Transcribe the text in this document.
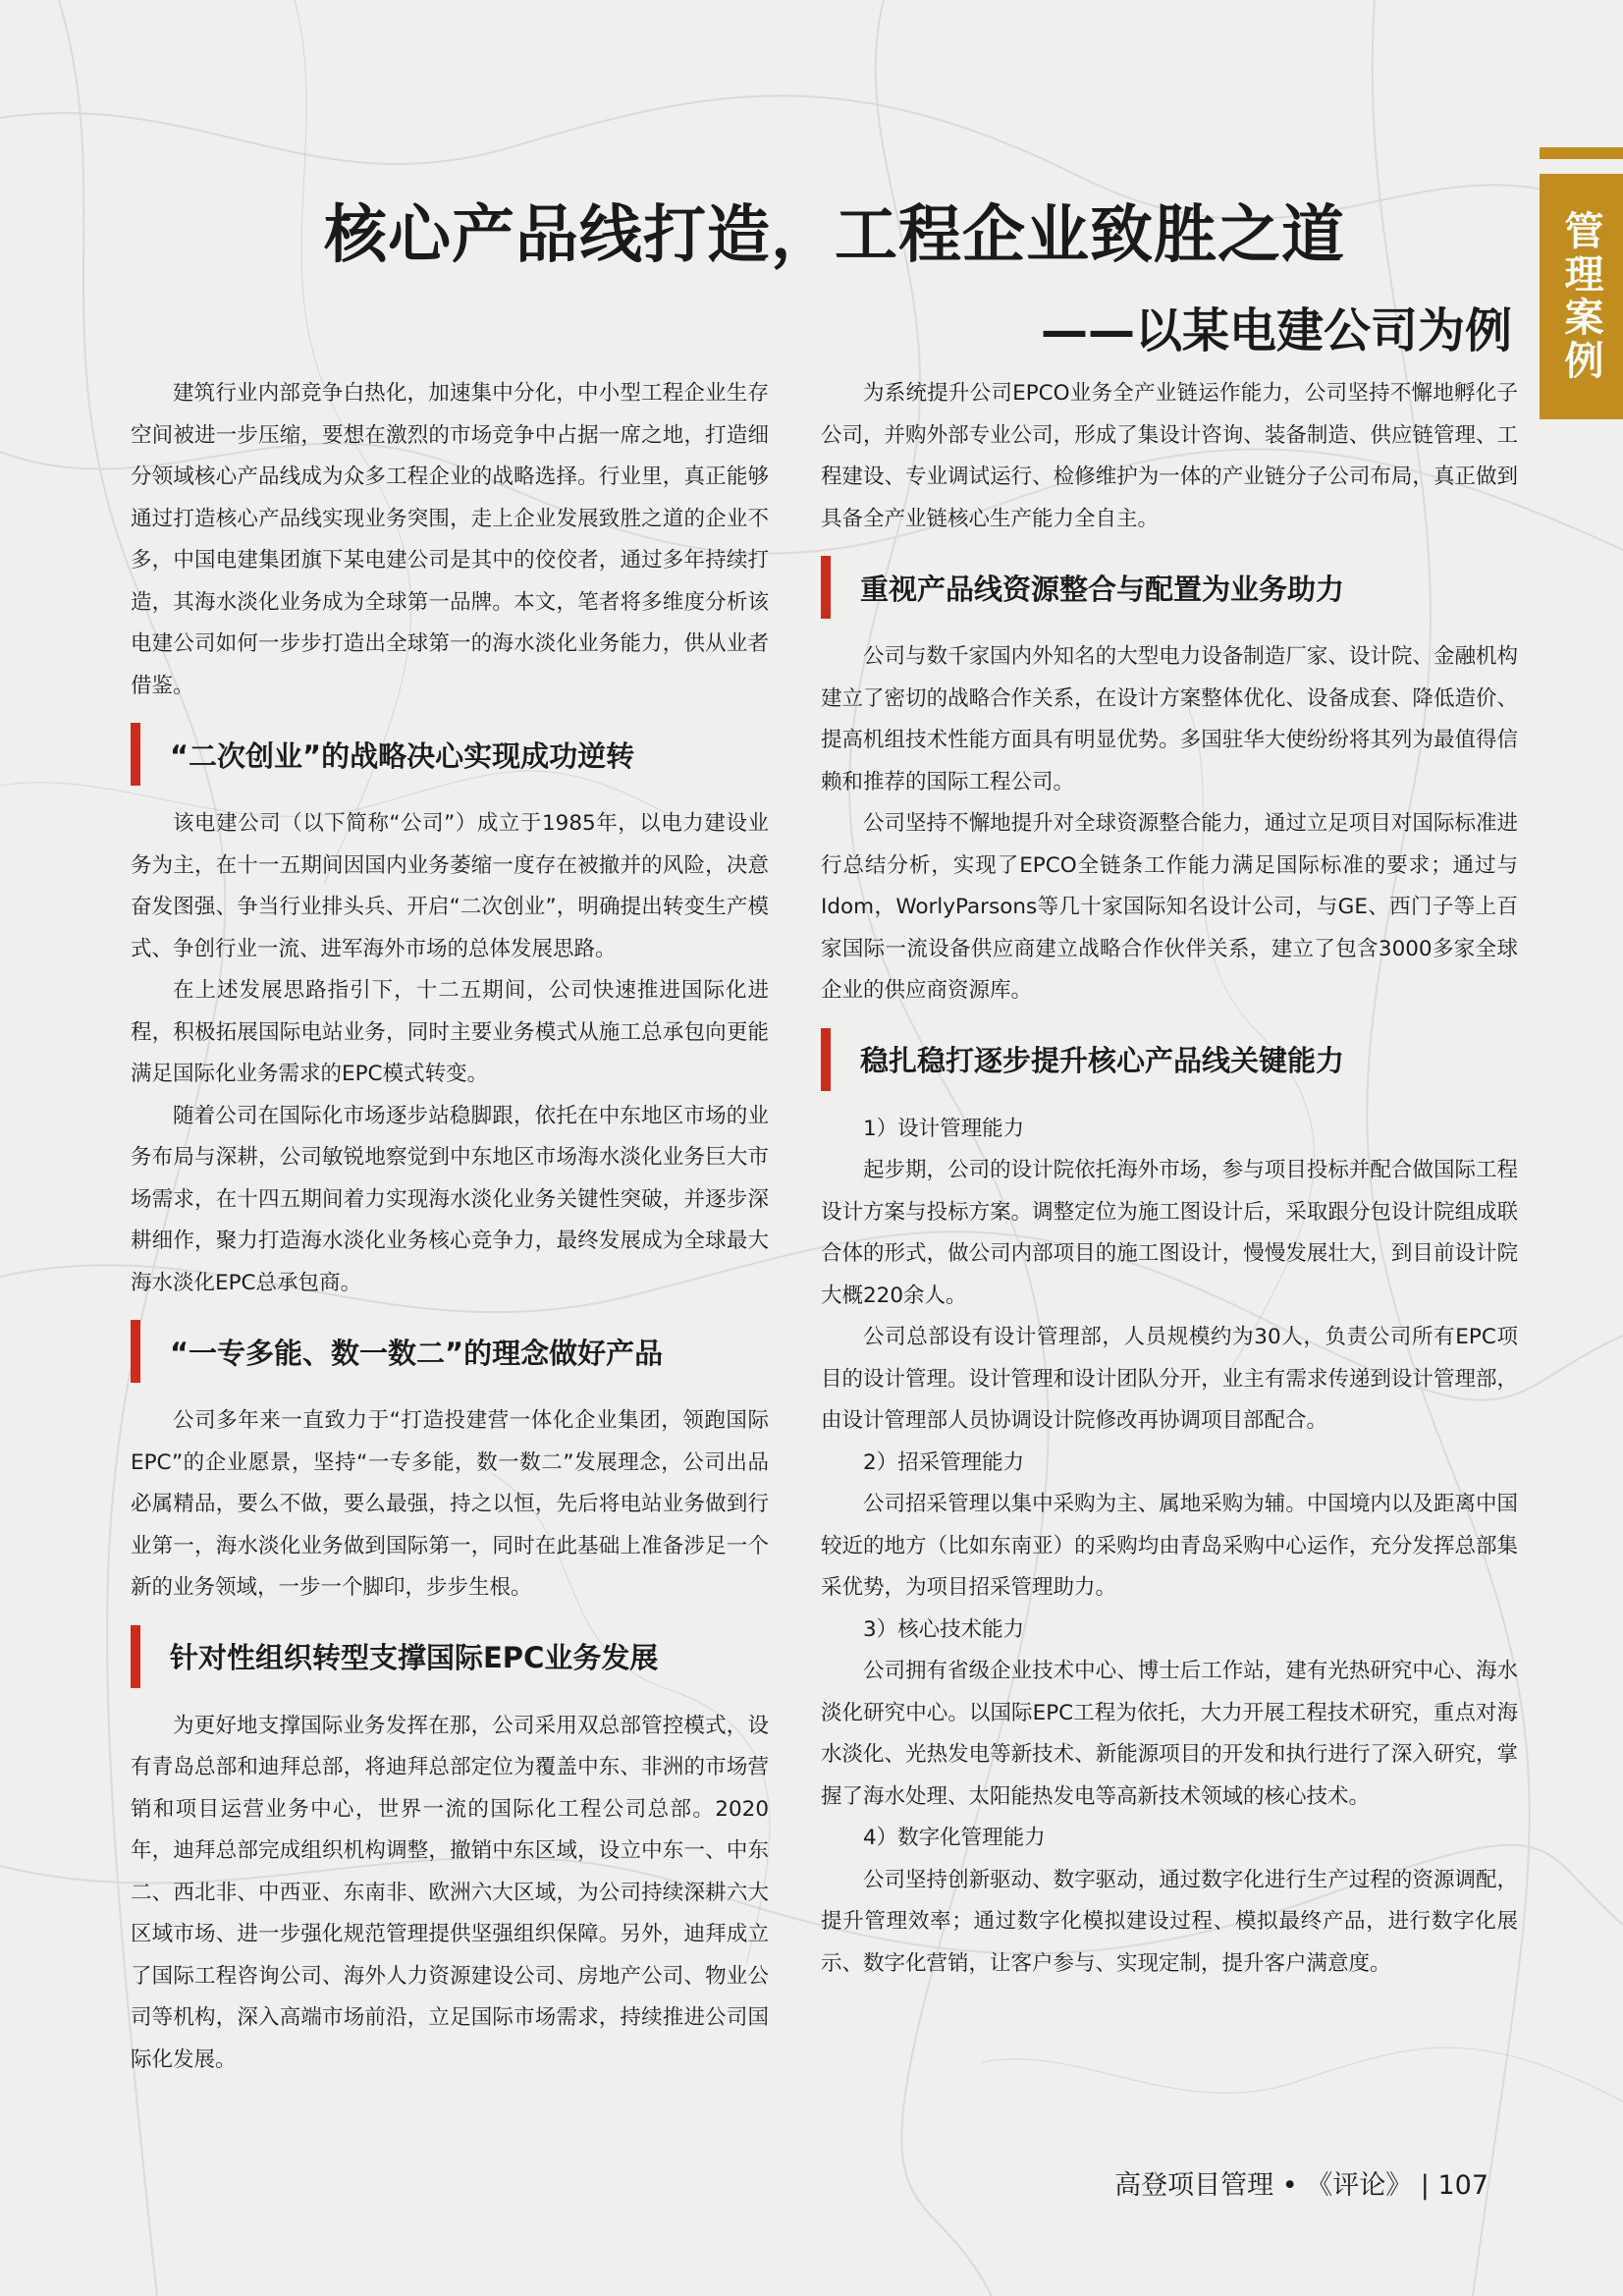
管理案例
核心产品线打造，工程企业致胜之道
——以某电建公司为例

建筑行业内部竞争白热化，加速集中分化，中小型工程企业生存空间被进一步压缩，要想在激烈的市场竞争中占据一席之地，打造细分领域核心产品线成为众多工程企业的战略选择。行业里，真正能够通过打造核心产品线实现业务突围，走上企业发展致胜之道的企业不多，中国电建集团旗下某电建公司是其中的佼佼者，通过多年持续打造，其海水淡化业务成为全球第一品牌。本文，笔者将多维度分析该电建公司如何一步步打造出全球第一的海水淡化业务能力，供从业者借鉴。

“二次创业”的战略决心实现成功逆转

该电建公司（以下简称“公司”）成立于1985年，以电力建设业务为主，在十一五期间因国内业务萎缩一度存在被撤并的风险，决意奋发图强、争当行业排头兵、开启“二次创业”，明确提出转变生产模式、争创行业一流、进军海外市场的总体发展思路。

在上述发展思路指引下，十二五期间，公司快速推进国际化进程，积极拓展国际电站业务，同时主要业务模式从施工总承包向更能满足国际化业务需求的EPC模式转变。

随着公司在国际化市场逐步站稳脚跟，依托在中东地区市场的业务布局与深耕，公司敏锐地察觉到中东地区市场海水淡化业务巨大市场需求，在十四五期间着力实现海水淡化业务关键性突破，并逐步深耕细作，聚力打造海水淡化业务核心竞争力，最终发展成为全球最大海水淡化EPC总承包商。

“一专多能、数一数二”的理念做好产品

公司多年来一直致力于“打造投建营一体化企业集团，领跑国际EPC”的企业愿景，坚持“一专多能，数一数二”发展理念，公司出品必属精品，要么不做，要么最强，持之以恒，先后将电站业务做到行业第一，海水淡化业务做到国际第一，同时在此基础上准备涉足一个新的业务领域，一步一个脚印，步步生根。

针对性组织转型支撑国际EPC业务发展

为更好地支撑国际业务发挥在那，公司采用双总部管控模式，设有青岛总部和迪拜总部，将迪拜总部定位为覆盖中东、非洲的市场营销和项目运营业务中心，世界一流的国际化工程公司总部。2020年，迪拜总部完成组织机构调整，撤销中东区域，设立中东一、中东二、西北非、中西亚、东南非、欧洲六大区域，为公司持续深耕六大区域市场、进一步强化规范管理提供坚强组织保障。另外，迪拜成立了国际工程咨询公司、海外人力资源建设公司、房地产公司、物业公司等机构，深入高端市场前沿，立足国际市场需求，持续推进公司国际化发展。

为系统提升公司EPCO业务全产业链运作能力，公司坚持不懈地孵化子公司，并购外部专业公司，形成了集设计咨询、装备制造、供应链管理、工程建设、专业调试运行、检修维护为一体的产业链分子公司布局，真正做到具备全产业链核心生产能力全自主。

重视产品线资源整合与配置为业务助力

公司与数千家国内外知名的大型电力设备制造厂家、设计院、金融机构建立了密切的战略合作关系，在设计方案整体优化、设备成套、降低造价、提高机组技术性能方面具有明显优势。多国驻华大使纷纷将其列为最值得信赖和推荐的国际工程公司。

公司坚持不懈地提升对全球资源整合能力，通过立足项目对国际标准进行总结分析，实现了EPCO全链条工作能力满足国际标准的要求；通过与Idom，WorlyParsons等几十家国际知名设计公司，与GE、西门子等上百家国际一流设备供应商建立战略合作伙伴关系，建立了包含3000多家全球企业的供应商资源库。

稳扎稳打逐步提升核心产品线关键能力

1）设计管理能力

起步期，公司的设计院依托海外市场，参与项目投标并配合做国际工程设计方案与投标方案。调整定位为施工图设计后，采取跟分包设计院组成联合体的形式，做公司内部项目的施工图设计，慢慢发展壮大，到目前设计院大概220余人。

公司总部设有设计管理部，人员规模约为30人，负责公司所有EPC项目的设计管理。设计管理和设计团队分开，业主有需求传递到设计管理部，由设计管理部人员协调设计院修改再协调项目部配合。

2）招采管理能力

公司招采管理以集中采购为主、属地采购为辅。中国境内以及距离中国较近的地方（比如东南亚）的采购均由青岛采购中心运作，充分发挥总部集采优势，为项目招采管理助力。

3）核心技术能力

公司拥有省级企业技术中心、博士后工作站，建有光热研究中心、海水淡化研究中心。以国际EPC工程为依托，大力开展工程技术研究，重点对海水淡化、光热发电等新技术、新能源项目的开发和执行进行了深入研究，掌握了海水处理、太阳能热发电等高新技术领域的核心技术。

4）数字化管理能力

公司坚持创新驱动、数字驱动，通过数字化进行生产过程的资源调配，提升管理效率；通过数字化模拟建设过程、模拟最终产品，进行数字化展示、数字化营销，让客户参与、实现定制，提升客户满意度。

高登项目管理 • 《评论》 | 107
